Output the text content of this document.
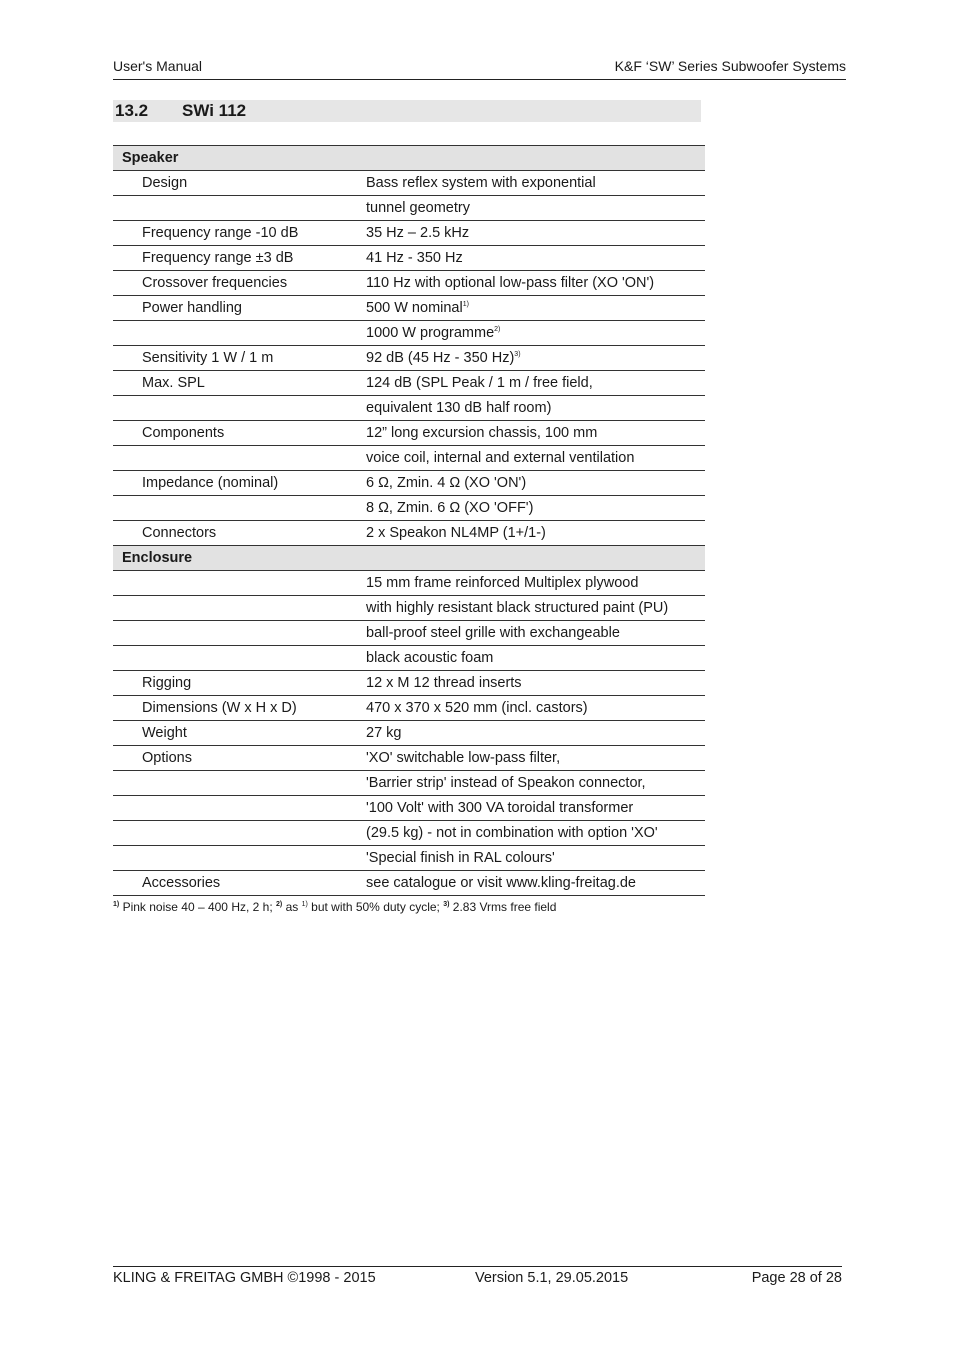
User's Manual	K&F ‘SW’ Series Subwoofer Systems
13.2 SWi 112
Speaker	
Design	Bass reflex system with exponential
	tunnel geometry
Frequency range -10 dB	35 Hz – 2.5 kHz
Frequency range ±3 dB	41 Hz - 350 Hz
Crossover frequencies	110 Hz with optional low-pass filter (XO 'ON')
Power handling	500 W nominal$^{1)}$
	1000 W programme$^{2)}$
Sensitivity 1 W / 1 m	92 dB (45 Hz - 350 Hz)$^{3)}$
Max. SPL	124 dB (SPL Peak / 1 m / free field,
	equivalent 130 dB half room)
Components	12” long excursion chassis, 100 mm
	voice coil, internal and external ventilation
Impedance (nominal)	6 Ω, Zmin. 4 Ω (XO 'ON')
	8 Ω, Zmin. 6 Ω (XO 'OFF')
Connectors	2 x Speakon NL4MP (1+/1-)
Enclosure	
	15 mm frame reinforced Multiplex plywood
	with highly resistant black structured paint (PU)
	ball-proof steel grille with exchangeable
	black acoustic foam
Rigging	12 x M 12 thread inserts
Dimensions (W x H x D)	470 x 370 x 520 mm (incl. castors)
Weight	27 kg
Options	'XO' switchable low-pass filter,
	'Barrier strip' instead of Speakon connector,
	'100 Volt' with 300 VA toroidal transformer
	(29.5 kg) - not in combination with option 'XO'
	'Special finish in RAL colours'
Accessories	see catalogue or visit www.kling-freitag.de
$^{1)}$ Pink noise 40 – 400 Hz, 2 h; $^{2)}$ as $^{1)}$ but with 50% duty cycle; $^{3)}$ 2.83 Vrms free field
KLING & FREITAG GMBH ©1998 - 2015	Version 5.1, 29.05.2015	Page 28 of 28
